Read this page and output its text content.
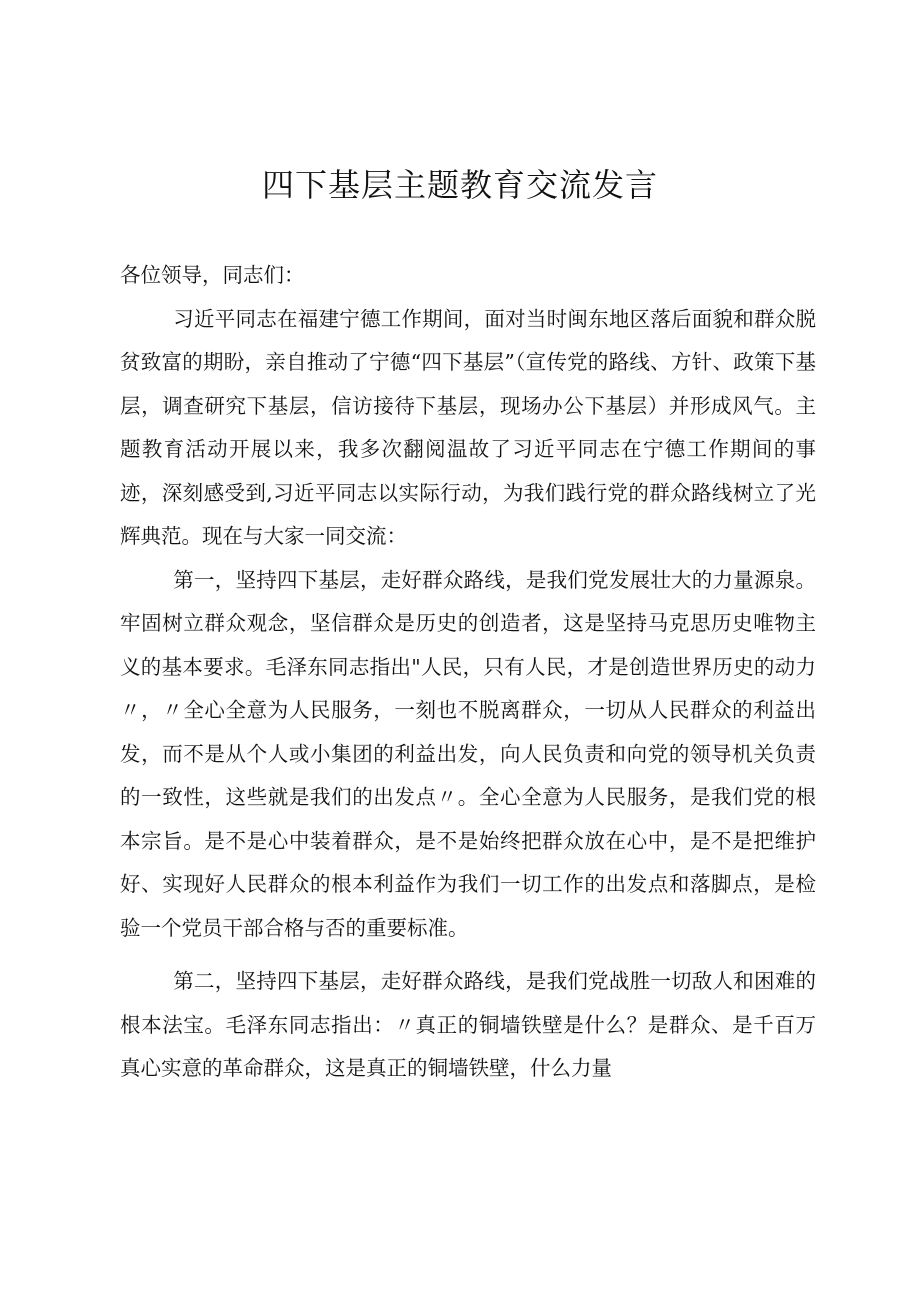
四下基层主题教育交流发言

各位领导，同志们：

习近平同志在福建宁德工作期间，面对当时闽东地区落后面貌和群众脱贫致富的期盼，亲自推动了宁德“四下基层”（宣传党的路线、方针、政策下基层，调查研究下基层，信访接待下基层，现场办公下基层）并形成风气。主题教育活动开展以来，我多次翻阅温故了习近平同志在宁德工作期间的事迹，深刻感受到,习近平同志以实际行动，为我们践行党的群众路线树立了光辉典范。现在与大家一同交流：

第一，坚持四下基层，走好群众路线，是我们党发展壮大的力量源泉。牢固树立群众观念，坚信群众是历史的创造者，这是坚持马克思历史唯物主义的基本要求。毛泽东同志指出"人民，只有人民，才是创造世界历史的动力〃，〃全心全意为人民服务，一刻也不脱离群众，一切从人民群众的利益出发，而不是从个人或小集团的利益出发，向人民负责和向党的领导机关负责的一致性，这些就是我们的出发点〃。全心全意为人民服务，是我们党的根本宗旨。是不是心中装着群众，是不是始终把群众放在心中，是不是把维护好、实现好人民群众的根本利益作为我们一切工作的出发点和落脚点，是检验一个党员干部合格与否的重要标准。

第二，坚持四下基层，走好群众路线，是我们党战胜一切敌人和困难的根本法宝。毛泽东同志指出：〃真正的铜墙铁壁是什么？是群众、是千百万真心实意的革命群众，这是真正的铜墙铁壁，什么力量
